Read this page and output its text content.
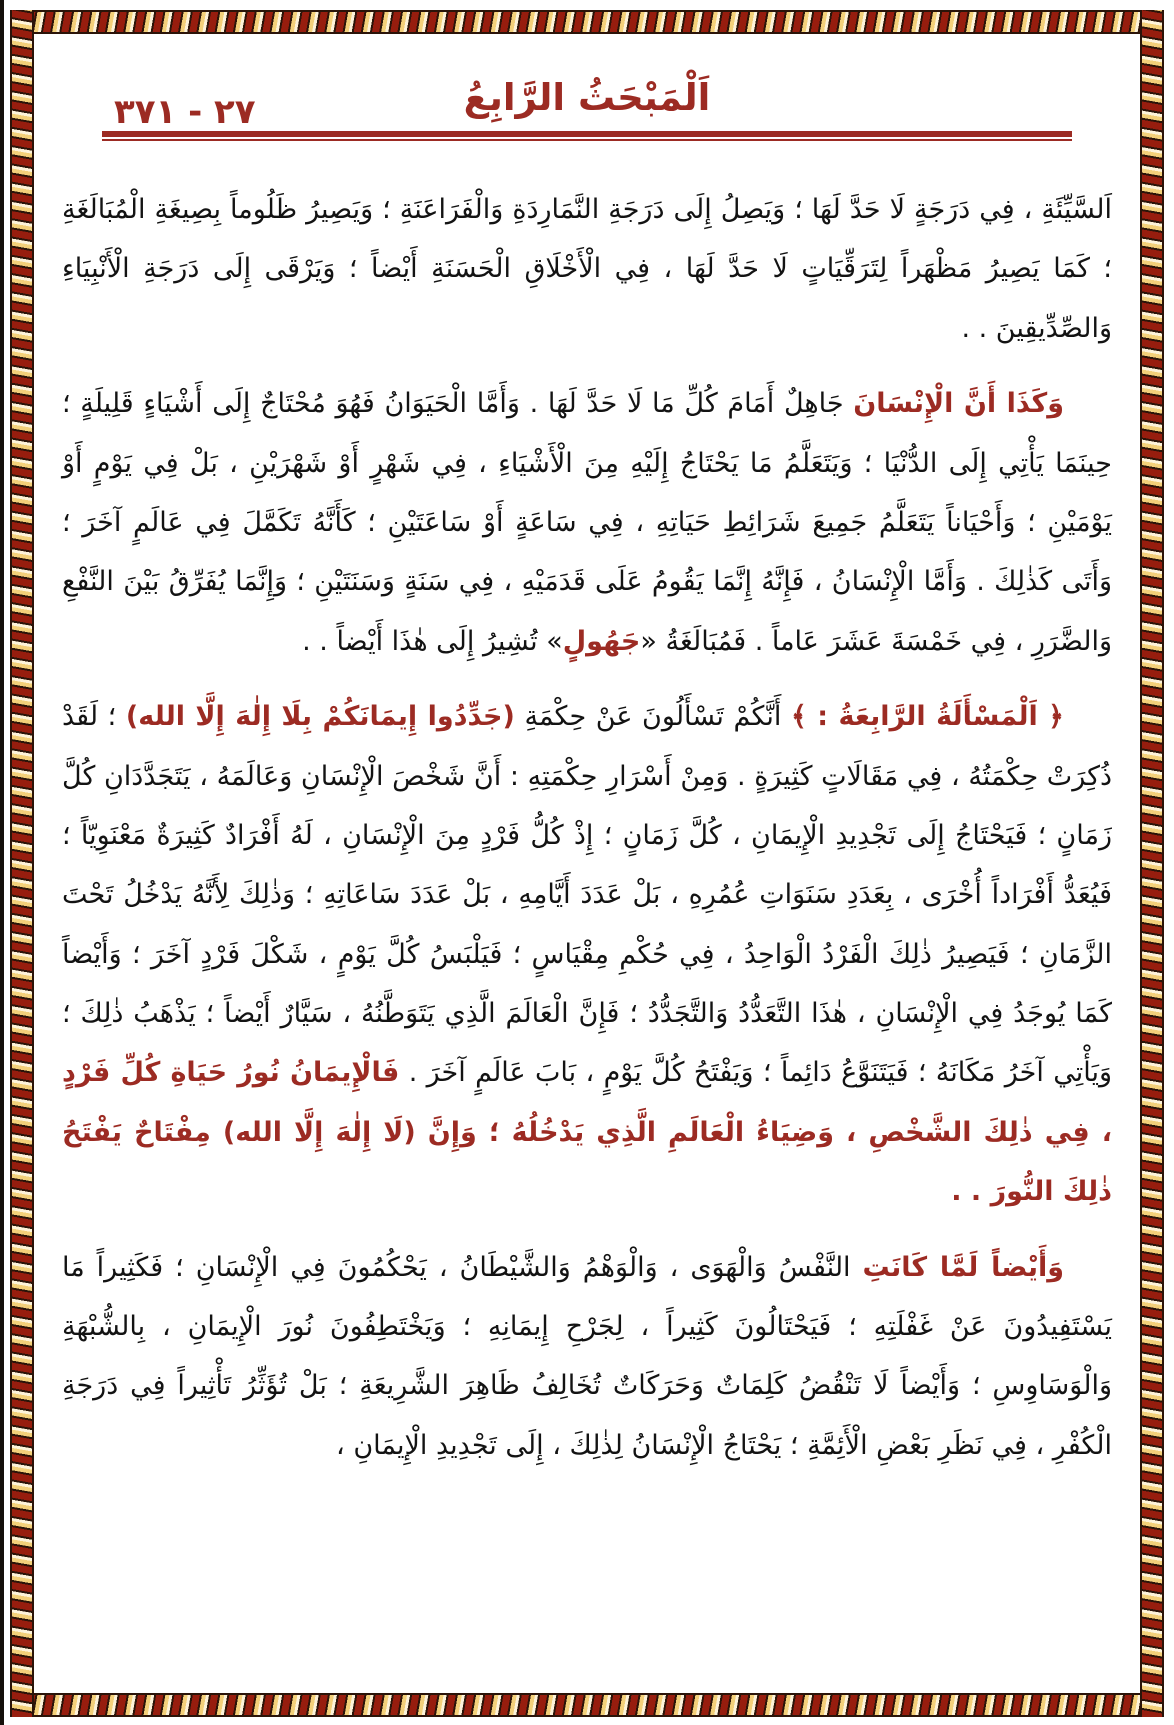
٣٧١ - ٢٧	اَلْمَبْحَثُ الرَّابِعُ

اَلسَّيِّئَةِ ، فِي دَرَجَةٍ لَا حَدَّ لَهَا ؛ وَيَصِلُ إِلَى دَرَجَةِ النَّمَارِدَةِ وَالْفَرَاعَنَةِ ؛ وَيَصِيرُ ظَلُوماً بِصِيغَةِ الْمُبَالَغَةِ ؛ كَمَا يَصِيرُ مَظْهَراً لِتَرَقِّيَاتٍ لَا حَدَّ لَهَا ، فِي الْأَخْلَاقِ الْحَسَنَةِ أَيْضاً ؛ وَيَرْقَى إِلَى دَرَجَةِ الْأَنْبِيَاءِ وَالصِّدِّيقِينَ . .

وَكَذَا أَنَّ الْإِنْسَانَ جَاهِلٌ أَمَامَ كُلِّ مَا لَا حَدَّ لَهَا . وَأَمَّا الْحَيَوَانُ فَهُوَ مُحْتَاجٌ إِلَى أَشْيَاءٍ قَلِيلَةٍ ؛ حِينَمَا يَأْتِي إِلَى الدُّنْيَا ؛ وَيَتَعَلَّمُ مَا يَحْتَاجُ إِلَيْهِ مِنَ الْأَشْيَاءِ ، فِي شَهْرٍ أَوْ شَهْرَيْنِ ، بَلْ فِي يَوْمٍ أَوْ يَوْمَيْنِ ؛ وَأَحْيَاناً يَتَعَلَّمُ جَمِيعَ شَرَائِطِ حَيَاتِهِ ، فِي سَاعَةٍ أَوْ سَاعَتَيْنِ ؛ كَأَنَّهُ تَكَمَّلَ فِي عَالَمٍ آخَرَ ؛ وَأَتَى كَذٰلِكَ . وَأَمَّا الْإِنْسَانُ ، فَإِنَّهُ إِنَّمَا يَقُومُ عَلَى قَدَمَيْهِ ، فِي سَنَةٍ وَسَنَتَيْنِ ؛ وَإِنَّمَا يُفَرِّقُ بَيْنَ النَّفْعِ وَالضَّرَرِ ، فِي خَمْسَةَ عَشَرَ عَاماً . فَمُبَالَغَةُ «جَهُولٍ» تُشِيرُ إِلَى هٰذَا أَيْضاً . .

﴿ اَلْمَسْأَلَةُ الرَّابِعَةُ : ﴾ أَنَّكُمْ تَسْأَلُونَ عَنْ حِكْمَةِ (جَدِّدُوا إِيمَانَكُمْ بِلَا إِلٰهَ إِلَّا الله) ؛ لَقَدْ ذُكِرَتْ حِكْمَتُهُ ، فِي مَقَالَاتٍ كَثِيرَةٍ . وَمِنْ أَسْرَارِ حِكْمَتِهِ : أَنَّ شَخْصَ الْإِنْسَانِ وَعَالَمَهُ ، يَتَجَدَّدَانِ كُلَّ زَمَانٍ ؛ فَيَحْتَاجُ إِلَى تَجْدِيدِ الْإِيمَانِ ، كُلَّ زَمَانٍ ؛ إِذْ كُلُّ فَرْدٍ مِنَ الْإِنْسَانِ ، لَهُ أَفْرَادٌ كَثِيرَةٌ مَعْنَوِيّاً ؛ فَيُعَدُّ أَفْرَاداً أُخْرَى ، بِعَدَدِ سَنَوَاتِ عُمُرِهِ ، بَلْ عَدَدَ أَيَّامِهِ ، بَلْ عَدَدَ سَاعَاتِهِ ؛ وَذٰلِكَ لِأَنَّهُ يَدْخُلُ تَحْتَ الزَّمَانِ ؛ فَيَصِيرُ ذٰلِكَ الْفَرْدُ الْوَاحِدُ ، فِي حُكْمِ مِقْيَاسٍ ؛ فَيَلْبَسُ كُلَّ يَوْمٍ ، شَكْلَ فَرْدٍ آخَرَ ؛ وَأَيْضاً كَمَا يُوجَدُ فِي الْإِنْسَانِ ، هٰذَا التَّعَدُّدُ وَالتَّجَدُّدُ ؛ فَإِنَّ الْعَالَمَ الَّذِي يَتَوَطَّنُهُ ، سَيَّارٌ أَيْضاً ؛ يَذْهَبُ ذٰلِكَ ؛ وَيَأْتِي آخَرُ مَكَانَهُ ؛ فَيَتَنَوَّعُ دَائِماً ؛ وَيَفْتَحُ كُلَّ يَوْمٍ ، بَابَ عَالَمٍ آخَرَ . فَالْإِيمَانُ نُورُ حَيَاةِ كُلِّ فَرْدٍ ، فِي ذٰلِكَ الشَّخْصِ ، وَضِيَاءُ الْعَالَمِ الَّذِي يَدْخُلُهُ ؛ وَإِنَّ (لَا إِلٰهَ إِلَّا الله) مِفْتَاحٌ يَفْتَحُ ذٰلِكَ النُّورَ . .

وَأَيْضاً لَمَّا كَانَتِ النَّفْسُ وَالْهَوَى ، وَالْوَهْمُ وَالشَّيْطَانُ ، يَحْكُمُونَ فِي الْإِنْسَانِ ؛ فَكَثِيراً مَا يَسْتَفِيدُونَ عَنْ غَفْلَتِهِ ؛ فَيَحْتَالُونَ كَثِيراً ، لِجَرْحِ إِيمَانِهِ ؛ وَيَخْتَطِفُونَ نُورَ الْإِيمَانِ ، بِالشُّبْهَةِ وَالْوَسَاوِسِ ؛ وَأَيْضاً لَا تَنْقُضُ كَلِمَاتٌ وَحَرَكَاتٌ تُخَالِفُ ظَاهِرَ الشَّرِيعَةِ ؛ بَلْ تُؤَثِّرُ تَأْثِيراً فِي دَرَجَةِ الْكُفْرِ ، فِي نَظَرِ بَعْضِ الْأَئِمَّةِ ؛ يَحْتَاجُ الْإِنْسَانُ لِذٰلِكَ ، إِلَى تَجْدِيدِ الْإِيمَانِ ،
